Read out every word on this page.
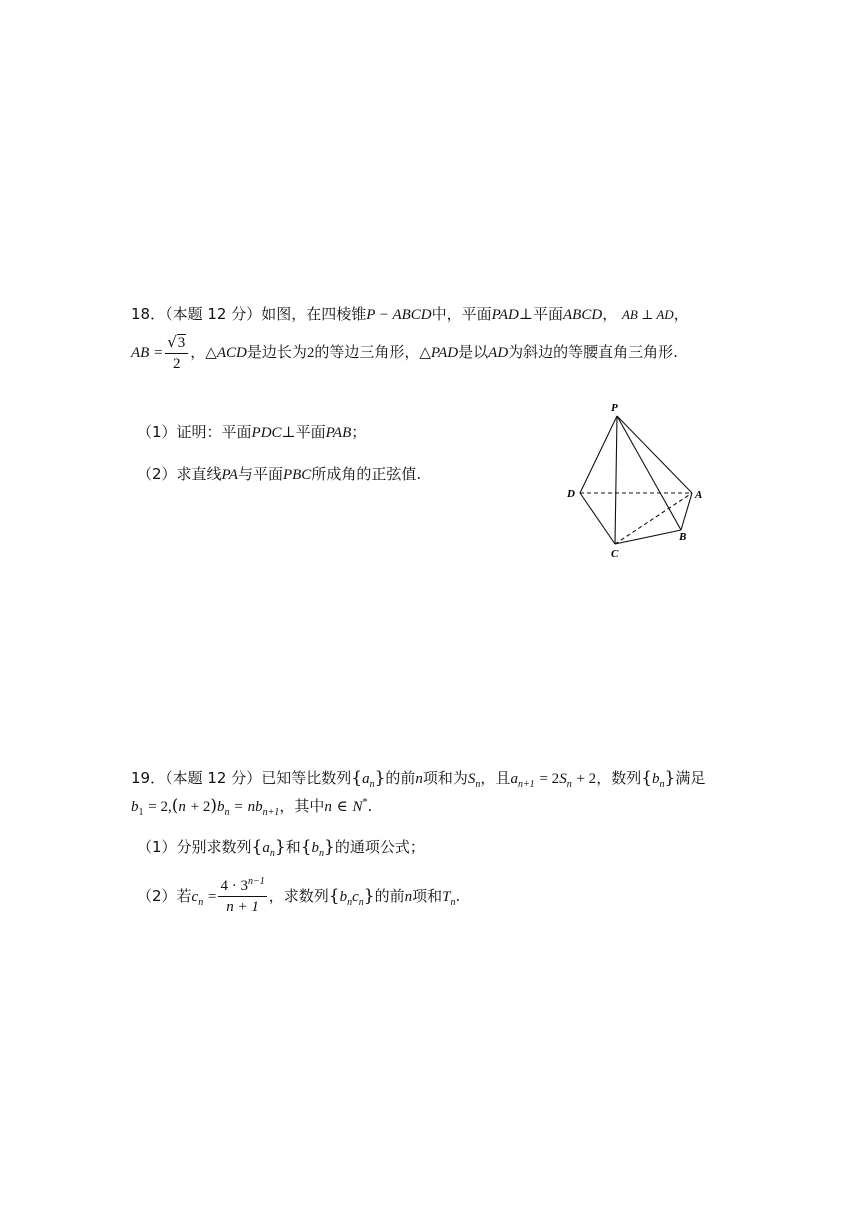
18．（本题 12 分）如图，在四棱锥P − ABCD中，平面PAD⊥平面ABCD， AB ⊥ AD，
AB = $\frac{√3}{2}$ ，△ACD是边长为2的等边三角形，△PAD是以AD为斜边的等腰直角三角形.
（1）证明：平面PDC⊥平面PAB；
（2）求直线PA与平面PBC所成角的正弦值.
P
D	A
B
C
19．（本题 12 分）已知等比数列$\{a_n\}$的前n项和为$S_n$，且$a_{n+1} = 2S_n + 2$，数列$\{b_n\}$满足
$b_1 = 2,(n + 2)b_n = nb_{n+1}$，其中n ∈ N*.
（1）分别求数列$\{a_n\}$和$\{b_n\}$的通项公式；
（2）若$c_n = \frac{4 \cdot 3^{n-1}}{n + 1}$ ，求数列$\{b_nc_n\}$的前n项和$T_n$.
